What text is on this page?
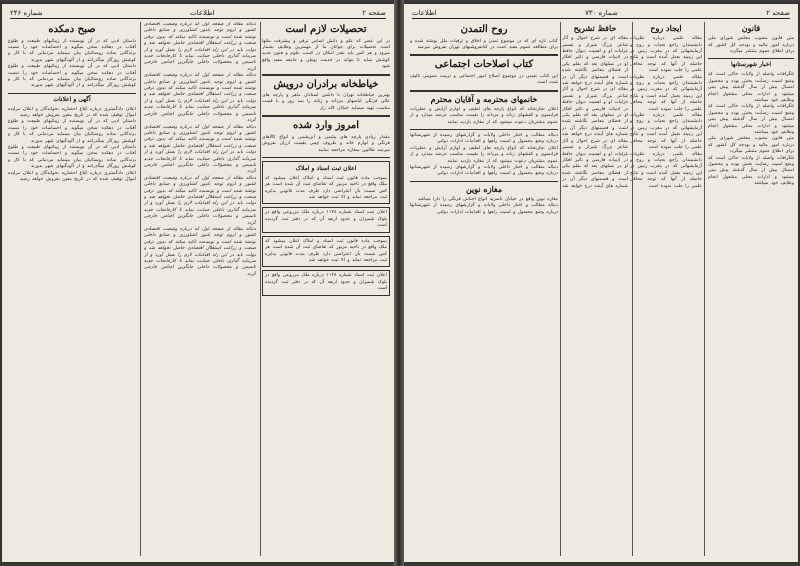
صفحه ۲
اطلاعات
شماره ۲۴۶
تحصیلات لازم است
در این عصر که علم و دانش اساس ترقی و پیشرفت ملتها است تحصیلات برای جوانان ما از مهمترین وظایف بشمار میرود و هر کس باید بقدر امکان در کسب علوم و فنون جدید کوشش نماید تا بتواند در خدمت بوطن و جامعه مفید واقع شود
خیاطخانه برادران درویش
بهترین خیاطخانه تهران با داشتن استادان ماهر و پارچه های عالی فرنگی لباسهای مردانه و زنانه را بمد روز و با قیمت مناسب تهیه مینماید خیابان لاله زار
امروز وارد شده
مقدار زیادی پارچه های پشمی و ابریشمی و انواع کالاهای فرنگی و لوازم خانه و ظروف چینی بقیمت ارزان بفروش میرسد طالبین بمغازه مراجعه نمایند
اعلان ثبت اسناد و املاک
بموجب ماده قانون ثبت اسناد و املاک اعلان میشود که ملک واقع در ناحیه مزبور که تقاضای ثبت آن شده است هر کس نسبت بآن اعتراضی دارد ظرف مدت قانونی بدایره ثبت مراجعه نماید و الا ثبت خواهد شد
اعلان ثبت اسناد شماره ۱۱۴۸ درباره ملک مزروعی واقع در بلوک شمیران و حدود اربعه آن که در دفتر ثبت گردیده است
بموجب ماده قانون ثبت اسناد و املاک اعلان میشود که ملک واقع در ناحیه مزبور که تقاضای ثبت آن شده است هر کس نسبت بآن اعتراضی دارد ظرف مدت قانونی بدایره ثبت مراجعه نماید و الا ثبت خواهد شد
اعلان ثبت اسناد شماره ۱۱۴۸ درباره ملک مزروعی واقع در بلوک شمیران و حدود اربعه آن که در دفتر ثبت گردیده است
دنباله مقاله از صفحه اول که درباره وضعیت اقتصادی کشور و لزوم توجه بامور کشاورزی و صنایع داخلی نوشته شده است و نویسنده تاکید میکند که بدون ترقی صنعت و زراعت استقلال اقتصادی حاصل نخواهد شد و دولت باید در این راه اقدامات لازم را بعمل آورد و از سرمایه گذاری داخلی حمایت نماید تا کارخانجات جدید تاسیس و محصولات داخلی جایگزین اجناس خارجی گردد
دنباله مقاله از صفحه اول که درباره وضعیت اقتصادی کشور و لزوم توجه بامور کشاورزی و صنایع داخلی نوشته شده است و نویسنده تاکید میکند که بدون ترقی صنعت و زراعت استقلال اقتصادی حاصل نخواهد شد و دولت باید در این راه اقدامات لازم را بعمل آورد و از سرمایه گذاری داخلی حمایت نماید تا کارخانجات جدید تاسیس و محصولات داخلی جایگزین اجناس خارجی گردد
دنباله مقاله از صفحه اول که درباره وضعیت اقتصادی کشور و لزوم توجه بامور کشاورزی و صنایع داخلی نوشته شده است و نویسنده تاکید میکند که بدون ترقی صنعت و زراعت استقلال اقتصادی حاصل نخواهد شد و دولت باید در این راه اقدامات لازم را بعمل آورد و از سرمایه گذاری داخلی حمایت نماید تا کارخانجات جدید تاسیس و محصولات داخلی جایگزین اجناس خارجی گردد
دنباله مقاله از صفحه اول که درباره وضعیت اقتصادی کشور و لزوم توجه بامور کشاورزی و صنایع داخلی نوشته شده است و نویسنده تاکید میکند که بدون ترقی صنعت و زراعت استقلال اقتصادی حاصل نخواهد شد و دولت باید در این راه اقدامات لازم را بعمل آورد و از سرمایه گذاری داخلی حمایت نماید تا کارخانجات جدید تاسیس و محصولات داخلی جایگزین اجناس خارجی گردد
دنباله مقاله از صفحه اول که درباره وضعیت اقتصادی کشور و لزوم توجه بامور کشاورزی و صنایع داخلی نوشته شده است و نویسنده تاکید میکند که بدون ترقی صنعت و زراعت استقلال اقتصادی حاصل نخواهد شد و دولت باید در این راه اقدامات لازم را بعمل آورد و از سرمایه گذاری داخلی حمایت نماید تا کارخانجات جدید تاسیس و محصولات داخلی جایگزین اجناس خارجی گردد
صبح دمکده
داستان ادبی که در آن نویسنده از زیبائیهای طبیعت و طلوع آفتاب در دهکده سخن میگوید و احساسات خود را نسبت بزندگانی ساده روستائیان بیان مینماید مردمانی که با کار و کوشش روزگار میگذرانند و از آلودگیهای شهر بدورند
داستان ادبی که در آن نویسنده از زیبائیهای طبیعت و طلوع آفتاب در دهکده سخن میگوید و احساسات خود را نسبت بزندگانی ساده روستائیان بیان مینماید مردمانی که با کار و کوشش روزگار میگذرانند و از آلودگیهای شهر بدورند
آگهی و اعلانات
اعلان دادگستری درباره ابلاغ احضاریه بخواندگان و اعلان مزایده اموال توقیف شده که در تاریخ معین بفروش خواهد رسید
داستان ادبی که در آن نویسنده از زیبائیهای طبیعت و طلوع آفتاب در دهکده سخن میگوید و احساسات خود را نسبت بزندگانی ساده روستائیان بیان مینماید مردمانی که با کار و کوشش روزگار میگذرانند و از آلودگیهای شهر بدورند
داستان ادبی که در آن نویسنده از زیبائیهای طبیعت و طلوع آفتاب در دهکده سخن میگوید و احساسات خود را نسبت بزندگانی ساده روستائیان بیان مینماید مردمانی که با کار و کوشش روزگار میگذرانند و از آلودگیهای شهر بدورند
اعلان دادگستری درباره ابلاغ احضاریه بخواندگان و اعلان مزایده اموال توقیف شده که در تاریخ معین بفروش خواهد رسید
صفحه ۲
شماره ۷۳۰
اطلاعات
قانون
متن قانون مصوب مجلس شورای ملی درباره امور مالیه و بودجه کل کشور که برای اطلاع عموم منتشر میگردد
اخبار شهرستانها
تلگرافات واصله از ولایات حاکی است که وضع امنیت رضایت بخش بوده و محصول امسال بیش از سال گذشته پیش بینی میشود و ادارات محلی مشغول انجام وظایف خود میباشند
تلگرافات واصله از ولایات حاکی است که وضع امنیت رضایت بخش بوده و محصول امسال بیش از سال گذشته پیش بینی میشود و ادارات محلی مشغول انجام وظایف خود میباشند
متن قانون مصوب مجلس شورای ملی درباره امور مالیه و بودجه کل کشور که برای اطلاع عموم منتشر میگردد
تلگرافات واصله از ولایات حاکی است که وضع امنیت رضایت بخش بوده و محصول امسال بیش از سال گذشته پیش بینی میشود و ادارات محلی مشغول انجام وظایف خود میباشند
ایجاد روح
مقاله علمی درباره نظریات دانشمندان راجع بحیات و روح و آزمایشهائی که در مغرب زمین در این زمینه بعمل آمده است و نتایج حاصله از آنها که توجه محافل علمی را جلب نموده است
مقاله علمی درباره نظریات دانشمندان راجع بحیات و روح و آزمایشهائی که در مغرب زمین در این زمینه بعمل آمده است و نتایج حاصله از آنها که توجه محافل علمی را جلب نموده است
مقاله علمی درباره نظریات دانشمندان راجع بحیات و روح و آزمایشهائی که در مغرب زمین در این زمینه بعمل آمده است و نتایج حاصله از آنها که توجه محافل علمی را جلب نموده است
مقاله علمی درباره نظریات دانشمندان راجع بحیات و روح و آزمایشهائی که در مغرب زمین در این زمینه بعمل آمده است و نتایج حاصله از آنها که توجه محافل علمی را جلب نموده است
حافظ تشریح
مقاله ای در شرح احوال و آثار شاعر بزرگ شیراز و تفسیر غزلیات او و اهمیت دیوان حافظ در ادبیات فارسی و تاثیر افکار او در نسلهای بعد که بقلم یکی از فضلای معاصر نگاشته شده است و قسمتهای دیگر آن در شماره های آینده درج خواهد شد
مقاله ای در شرح احوال و آثار شاعر بزرگ شیراز و تفسیر غزلیات او و اهمیت دیوان حافظ در ادبیات فارسی و تاثیر افکار او در نسلهای بعد که بقلم یکی از فضلای معاصر نگاشته شده است و قسمتهای دیگر آن در شماره های آینده درج خواهد شد
مقاله ای در شرح احوال و آثار شاعر بزرگ شیراز و تفسیر غزلیات او و اهمیت دیوان حافظ در ادبیات فارسی و تاثیر افکار او در نسلهای بعد که بقلم یکی از فضلای معاصر نگاشته شده است و قسمتهای دیگر آن در شماره های آینده درج خواهد شد
روح التمدن
کتاب تازه ای که در موضوع تمدن و اخلاق و ترقیات ملل نوشته شده و برای مطالعه عموم مفید است در کتابفروشیهای تهران بفروش میرسد
کتاب اصلاحات اجتماعی
این کتاب نفیس در موضوع اصلاح امور اجتماعی و تربیت عمومی تالیف شده است
خانمهای محترمه و آقایان محترم
اعلان تجارتخانه که انواع پارچه های لطیف و لوازم آرایش و عطریات فرانسوی و کفشهای زنانه و مردانه را بقیمت مناسب عرضه میدارد و از عموم مشتریان دعوت میشود که از مغازه بازدید نمایند
دنباله مطالب و اخبار داخلی ولایات و گزارشهای رسیده از شهرستانها درباره وضع محصول و امنیت راهها و اقدامات ادارات دولتی
اعلان تجارتخانه که انواع پارچه های لطیف و لوازم آرایش و عطریات فرانسوی و کفشهای زنانه و مردانه را بقیمت مناسب عرضه میدارد و از عموم مشتریان دعوت میشود که از مغازه بازدید نمایند
دنباله مطالب و اخبار داخلی ولایات و گزارشهای رسیده از شهرستانها درباره وضع محصول و امنیت راهها و اقدامات ادارات دولتی
مغازه نوین
مغازه نوین واقع در خیابان ناصریه انواع اجناس فرنگی را دارا میباشد
دنباله مطالب و اخبار داخلی ولایات و گزارشهای رسیده از شهرستانها درباره وضع محصول و امنیت راهها و اقدامات ادارات دولتی
